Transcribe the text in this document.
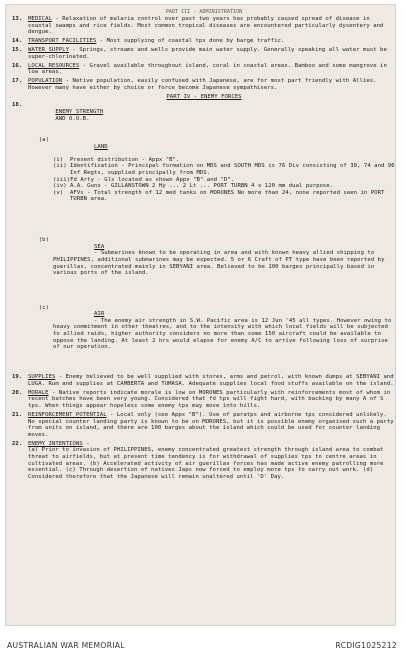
PART III - ADMINISTRATION
13.	MEDICAL - Relaxation of malaria control over past two years has probably caused spread of disease in coastal swamps and rice fields. Most common tropical diseases are encountered particularly dysentery and dengue.
14.	TRANSPORT FACILITIES - Most supplying of coastal tps done by barge traffic.
15.	WATER SUPPLY - Springs, streams and wells provide main water supply. Generally speaking all water must be super-chlorinated.
16.	LOCAL RESOURCES - Gravel available throughout island, coral in coastal areas. Bamboo and some mangrove in low areas.
17.	POPULATION - Native population, easily confused with Japanese, are for most part friendly with Allies. However many have either by choice or force become Japanese sympathisers.
PART IV - ENEMY FORCES
18.

ENEMY STRENGTH
AND O.O.B.

(a)

LAND

(i)	Present distribution - Appx "B".
(ii) Identification - Principal formation on MDS and SOUTH MDS is 76 Div consisting of 30, 74 and 96 Inf Regts, supplied principally from MDS.
(iii) Fd Arty - Gls located as shown Appx "B" and "D".
(iv) A.A. Guns - GILLANSTOWN 2 Hy ... 2 Lt ... PORT TURBN 4 x 120 mm dual purpose.
(v)	AFVs - Total strength of 12 med tanks on MORONES No more than 24, none reported seen in PORT TURBN area.

(b)

SEA
- Submarines known to be operating in area and with known heavy allied shipping to PHILIPPINES, additional submarines may be expected. 5 or 6 Craft of PT type have been reported by guerillas, concentrated mainly in SEBYANI area. Believed to be 100 barges principally based in various ports of the island.

(c)

AIR
- The enemy air strength in S.W. Pacific area is 12 Jun '45 all types. However owing to heavy commitment in other theatres, and to the intensity with which local fields will be subjected to allied raids, higher authority considers no more than some 150 aircraft could be available to oppose the landing. At least 2 hrs would elapse for enemy A/C to arrive following loss of surprise of our operation.

19.	SUPPLIES - Enemy believed to be well supplied with stores, arms and petrol, with known dumps at SEBYANI and LUGA. Rum and supplies at CAMBERTA and TUMASA. Adequate supplies local food stuffs available on the island.
20.	MORALE - Native reports indicate morale is low on MORONES particularly with reinforcements most of whom in recent batches have been very young. Considered that fd tps will fight hard, with backing by many A of S tps. When things appear hopeless some enemy tps may move into hills.
21.	REINFORCEMENT POTENTIAL - Local only (see Appx "B"). Use of paratps and airborne tps considered unlikely. No special counter landing party is known to be on MORONES, but it is possible enemy organised such a party from units on island, and there are 100 barges about the island which could be used for counter landing moves.
22.	ENEMY INTENTIONS -
(a) Prior to invasion of PHILIPPINES, enemy concentrated greatest strength through island area to combat threat to airfields, but at present time tendency is for withdrawal of supplies tps to centre areas in cultivated areas. (b) Accelerated activity of air guerillas forces has made active enemy patrolling more essential. (c) Through desertion of natives Japs now forced to employ more tps to carry out work. (d) Considered therefore that the Japanese will remain unaltered until 'D' Day.
AUSTRALIAN WAR MEMORIAL	RCDIG1025212
